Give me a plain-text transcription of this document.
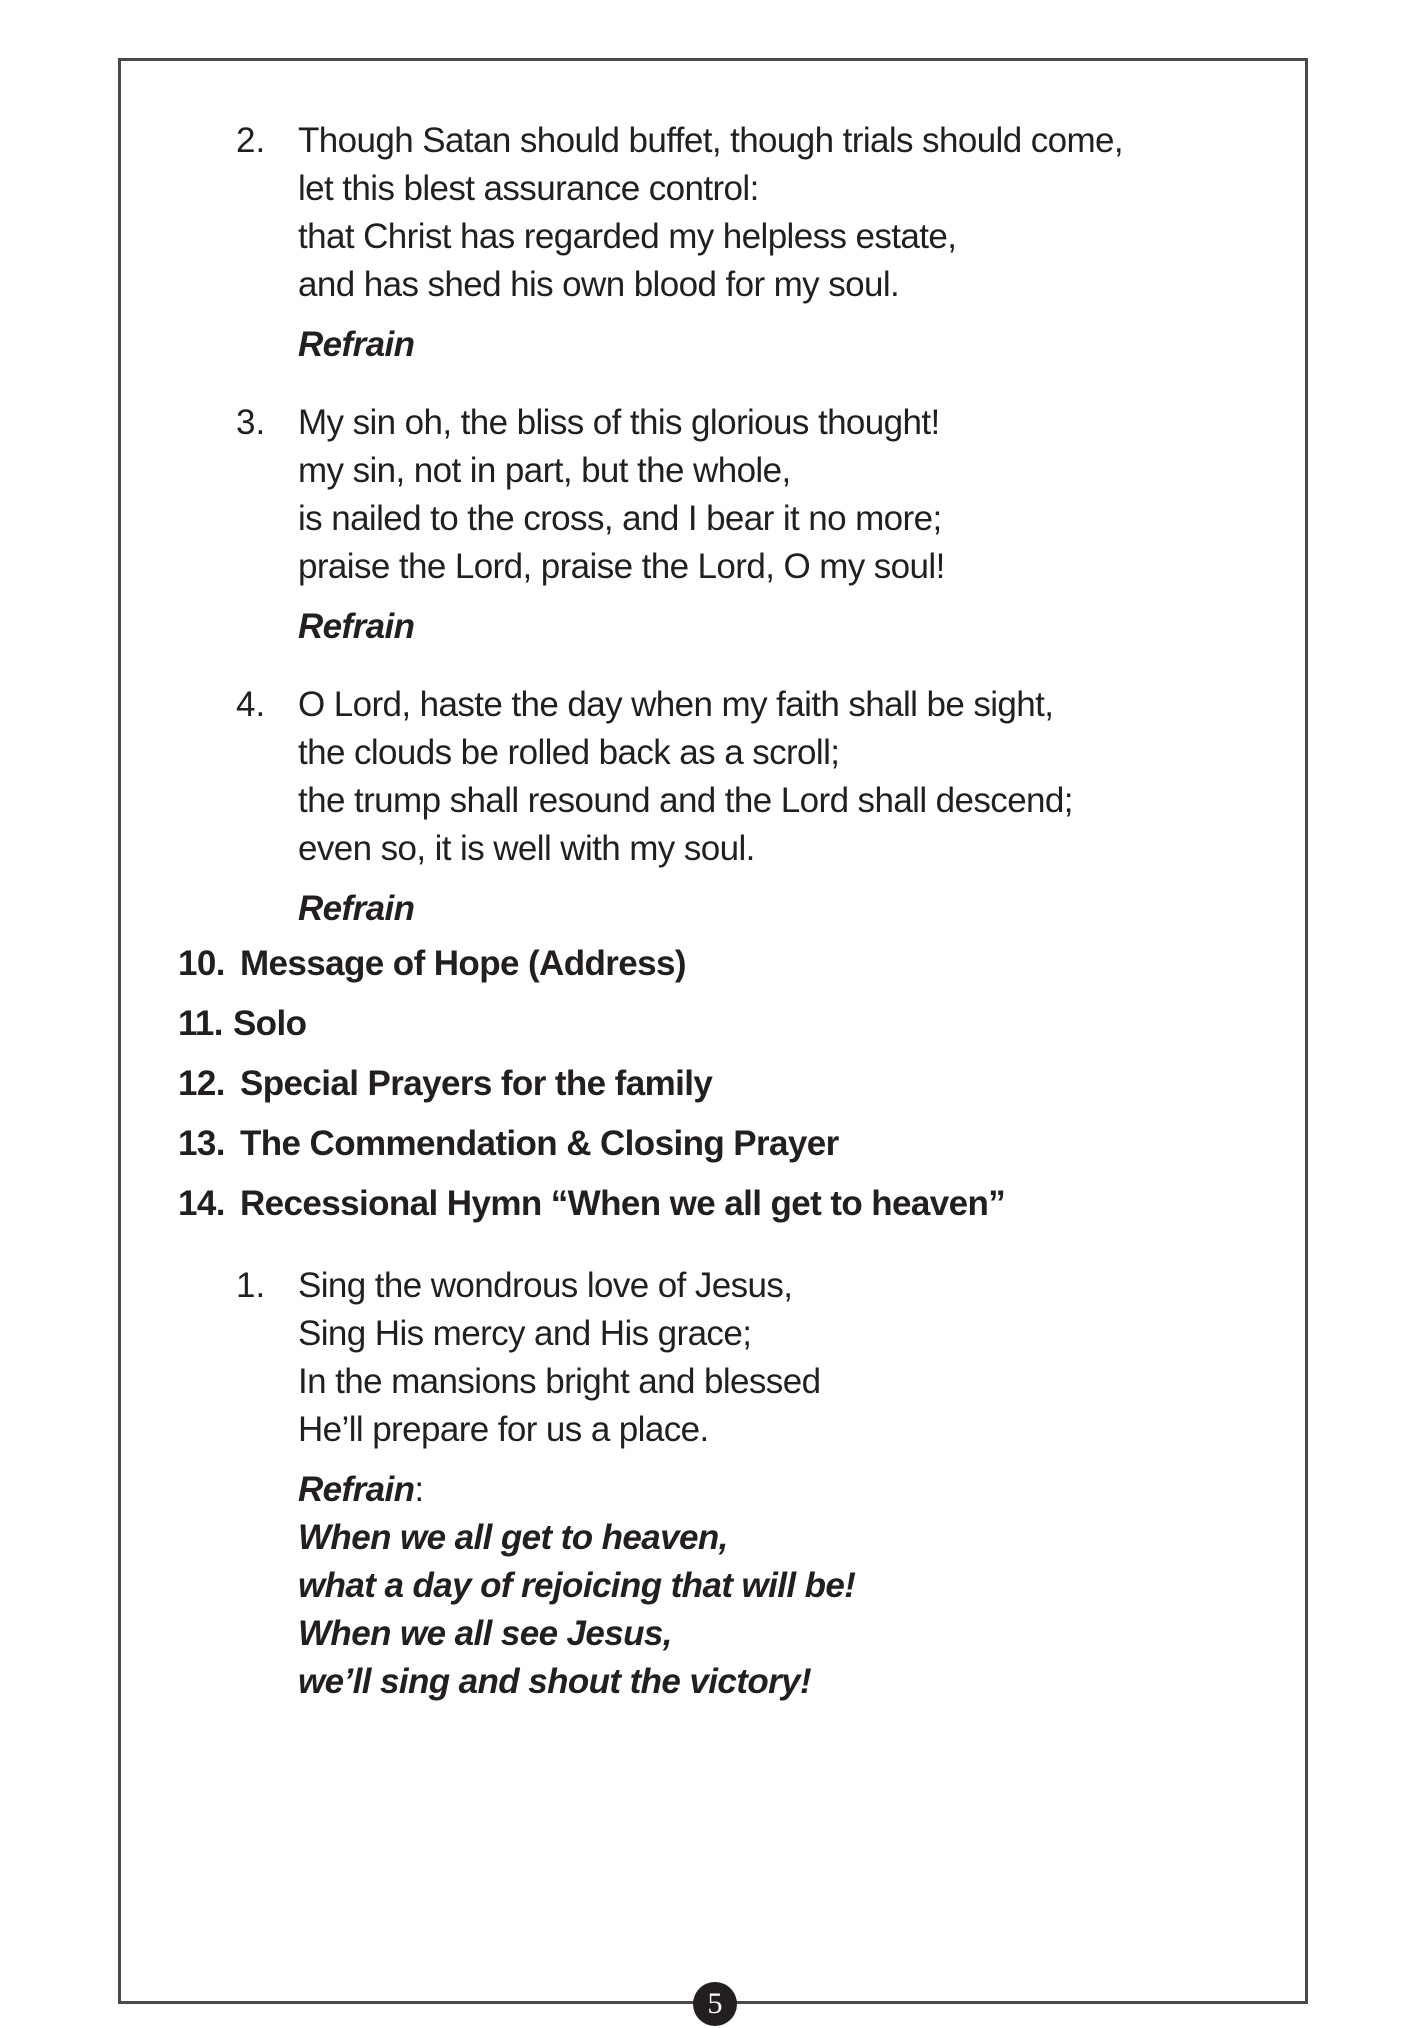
2. Though Satan should buffet, though trials should come,
let this blest assurance control:
that Christ has regarded my helpless estate,
and has shed his own blood for my soul.
Refrain
3. My sin oh, the bliss of this glorious thought!
my sin, not in part, but the whole,
is nailed to the cross, and I bear it no more;
praise the Lord, praise the Lord, O my soul!
Refrain
4. O Lord, haste the day when my faith shall be sight,
the clouds be rolled back as a scroll;
the trump shall resound and the Lord shall descend;
even so, it is well with my soul.
Refrain
10. Message of Hope (Address)
11. Solo
12. Special Prayers for the family
13. The Commendation & Closing Prayer
14. Recessional Hymn “When we all get to heaven”
1. Sing the wondrous love of Jesus,
Sing His mercy and His grace;
In the mansions bright and blessed
He’ll prepare for us a place.
Refrain:
When we all get to heaven,
what a day of rejoicing that will be!
When we all see Jesus,
we’ll sing and shout the victory!
5
